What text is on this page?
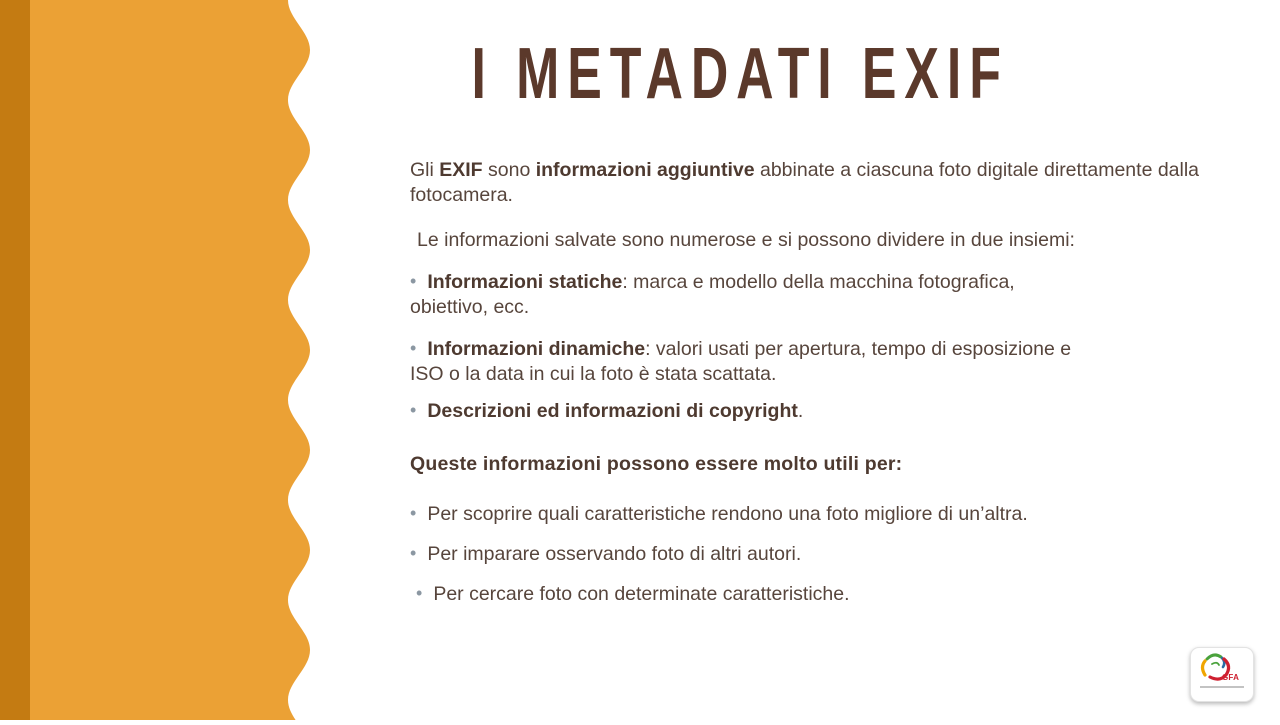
I METADATI EXIF

Gli EXIF sono informazioni aggiuntive abbinate a ciascuna foto digitale direttamente dalla
fotocamera.

Le informazioni salvate sono numerose e si possono dividere in due insiemi:

• Informazioni statiche: marca e modello della macchina fotografica,
obiettivo, ecc.
• Informazioni dinamiche: valori usati per apertura, tempo di esposizione e
ISO o la data in cui la foto è stata scattata.
• Descrizioni ed informazioni di copyright.

Queste informazioni possono essere molto utili per:

• Per scoprire quali caratteristiche rendono una foto migliore di un’altra.
• Per imparare osservando foto di altri autori.
• Per cercare foto con determinate caratteristiche.
GFA
